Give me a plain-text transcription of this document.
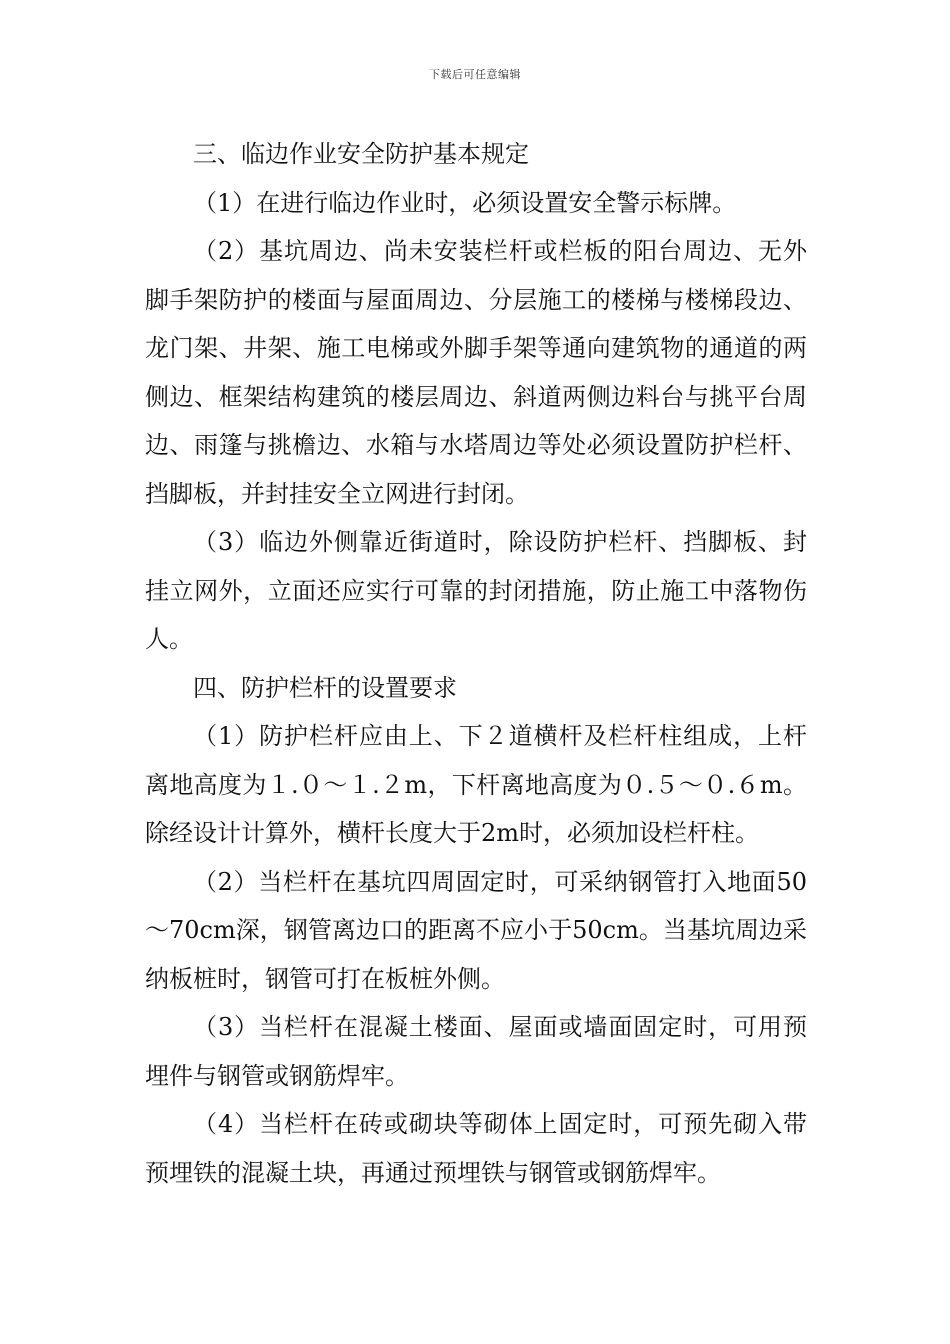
下载后可任意编辑

三、临边作业安全防护基本规定

（1）在进行临边作业时，必须设置安全警示标牌。

（2）基坑周边、尚未安装栏杆或栏板的阳台周边、无外脚手架防护的楼面与屋面周边、分层施工的楼梯与楼梯段边、龙门架、井架、施工电梯或外脚手架等通向建筑物的通道的两侧边、框架结构建筑的楼层周边、斜道两侧边料台与挑平台周边、雨篷与挑檐边、水箱与水塔周边等处必须设置防护栏杆、挡脚板，并封挂安全立网进行封闭。

（3）临边外侧靠近街道时，除设防护栏杆、挡脚板、封挂立网外，立面还应实行可靠的封闭措施，防止施工中落物伤人。

四、防护栏杆的设置要求

（1）防护栏杆应由上、下２道横杆及栏杆柱组成，上杆离地高度为１.０～１.２m，下杆离地高度为０.５～０.６m。除经设计计算外，横杆长度大于2m时，必须加设栏杆柱。

（2）当栏杆在基坑四周固定时，可采纳钢管打入地面50～70cm深，钢管离边口的距离不应小于50cm。当基坑周边采纳板桩时，钢管可打在板桩外侧。

（3）当栏杆在混凝土楼面、屋面或墙面固定时，可用预埋件与钢管或钢筋焊牢。

（4）当栏杆在砖或砌块等砌体上固定时，可预先砌入带预埋铁的混凝土块，再通过预埋铁与钢管或钢筋焊牢。
